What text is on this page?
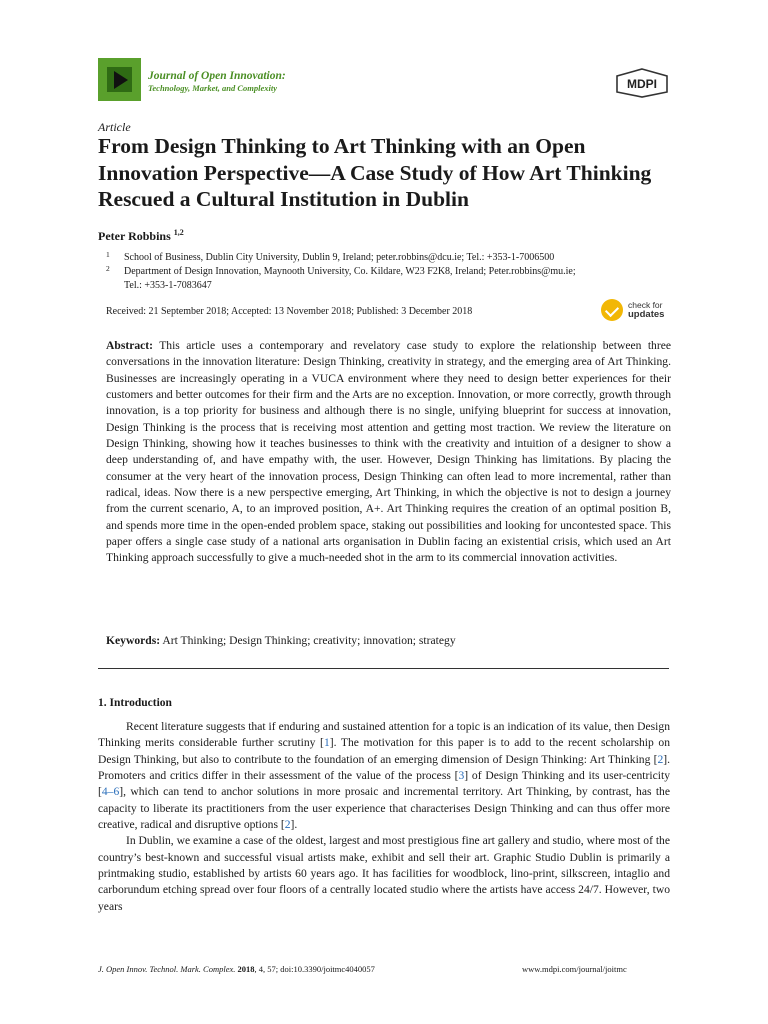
Journal of Open Innovation:
Technology, Market, and Complexity	MDPI
Article
From Design Thinking to Art Thinking with an Open Innovation Perspective—A Case Study of How Art Thinking Rescued a Cultural Institution in Dublin
Peter Robbins $^{1,2}$
1 School of Business, Dublin City University, Dublin 9, Ireland; peter.robbins@dcu.ie; Tel.: +353-1-7006500
2 Department of Design Innovation, Maynooth University, Co. Kildare, W23 F2K8, Ireland; Peter.robbins@mu.ie; Tel.: +353-1-7083647
Received: 21 September 2018; Accepted: 13 November 2018; Published: 3 December 2018
check for
updates

Abstract: This article uses a contemporary and revelatory case study to explore the relationship between three conversations in the innovation literature: Design Thinking, creativity in strategy, and the emerging area of Art Thinking. Businesses are increasingly operating in a VUCA environment where they need to design better experiences for their customers and better outcomes for their firm and the Arts are no exception. Innovation, or more correctly, growth through innovation, is a top priority for business and although there is no single, unifying blueprint for success at innovation, Design Thinking is the process that is receiving most attention and getting most traction. We review the literature on Design Thinking, showing how it teaches businesses to think with the creativity and intuition of a designer to show a deep understanding of, and have empathy with, the user. However, Design Thinking has limitations. By placing the consumer at the very heart of the innovation process, Design Thinking can often lead to more incremental, rather than radical, ideas. Now there is a new perspective emerging, Art Thinking, in which the objective is not to design a journey from the current scenario, A, to an improved position, A+. Art Thinking requires the creation of an optimal position B, and spends more time in the open-ended problem space, staking out possibilities and looking for uncontested space. This paper offers a single case study of a national arts organisation in Dublin facing an existential crisis, which used an Art Thinking approach successfully to give a much-needed shot in the arm to its commercial innovation activities.

Keywords: Art Thinking; Design Thinking; creativity; innovation; strategy
1. Introduction

Recent literature suggests that if enduring and sustained attention for a topic is an indication of its value, then Design Thinking merits considerable further scrutiny [1]. The motivation for this paper is to add to the recent scholarship on Design Thinking, but also to contribute to the foundation of an emerging dimension of Design Thinking: Art Thinking [2]. Promoters and critics differ in their assessment of the value of the process [3] of Design Thinking and its user-centricity [4–6], which can tend to anchor solutions in more prosaic and incremental territory. Art Thinking, by contrast, has the capacity to liberate its practitioners from the user experience that characterises Design Thinking and can thus offer more creative, radical and disruptive options [2].

In Dublin, we examine a case of the oldest, largest and most prestigious fine art gallery and studio, where most of the country’s best-known and successful visual artists make, exhibit and sell their art. Graphic Studio Dublin is primarily a printmaking studio, established by artists 60 years ago. It has facilities for woodblock, lino-print, silkscreen, intaglio and carborundum etching spread over four floors of a centrally located studio where the artists have access 24/7. However, two years

J. Open Innov. Technol. Mark. Complex. 2018, 4, 57; doi:10.3390/joitmc4040057	www.mdpi.com/journal/joitmc
